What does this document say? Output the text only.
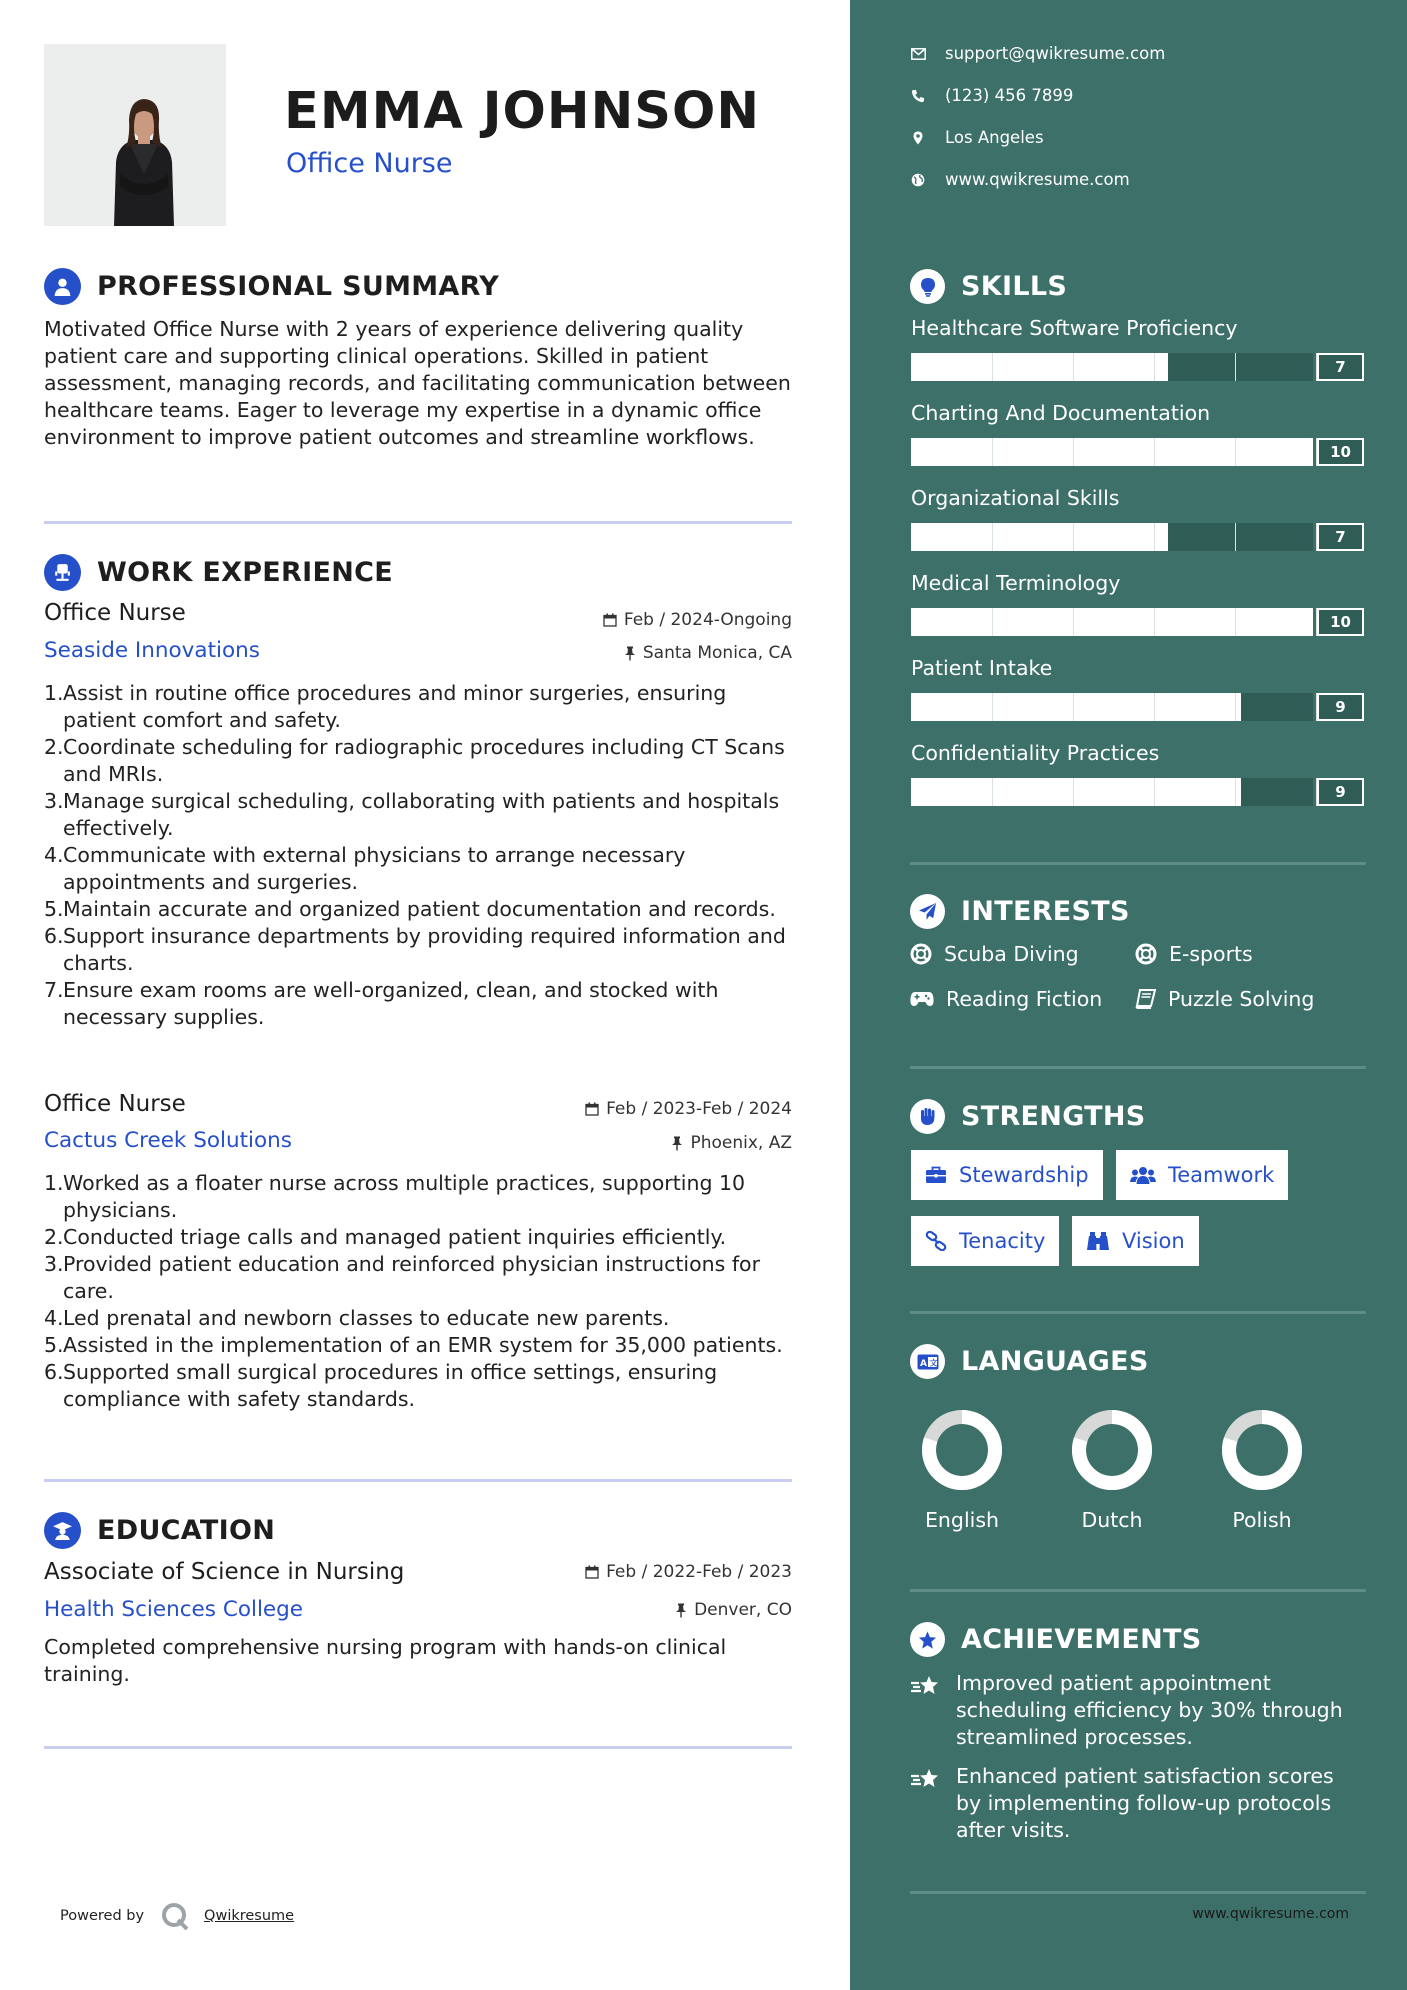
EMMA JOHNSON
Office Nurse
PROFESSIONAL SUMMARY

Motivated Office Nurse with 2 years of experience delivering quality patient care and supporting clinical operations. Skilled in patient assessment, managing records, and facilitating communication between healthcare teams. Eager to leverage my expertise in a dynamic office environment to improve patient outcomes and streamline workflows.

WORK EXPERIENCE
Office Nurse
Seaside Innovations
Feb / 2024-Ongoing
Santa Monica, CA
1. Assist in routine office procedures and minor surgeries, ensuring patient comfort and safety.
2. Coordinate scheduling for radiographic procedures including CT Scans and MRIs.
3. Manage surgical scheduling, collaborating with patients and hospitals effectively.
4. Communicate with external physicians to arrange necessary appointments and surgeries.
5. Maintain accurate and organized patient documentation and records.
6. Support insurance departments by providing required information and charts.
7. Ensure exam rooms are well-organized, clean, and stocked with necessary supplies.
Office Nurse
Cactus Creek Solutions
Feb / 2023-Feb / 2024
Phoenix, AZ
1. Worked as a floater nurse across multiple practices, supporting 10 physicians.
2. Conducted triage calls and managed patient inquiries efficiently.
3. Provided patient education and reinforced physician instructions for care.
4. Led prenatal and newborn classes to educate new parents.
5. Assisted in the implementation of an EMR system for 35,000 patients.
6. Supported small surgical procedures in office settings, ensuring compliance with safety standards.
EDUCATION
Associate of Science in Nursing
Health Sciences College
Feb / 2022-Feb / 2023
Denver, CO

Completed comprehensive nursing program with hands-on clinical training.

Powered by	Qwikresume
support@qwikresume.com
(123) 456 7899
Los Angeles
www.qwikresume.com
SKILLS
Healthcare Software Proficiency
7
Charting And Documentation
10
Organizational Skills
7
Medical Terminology
10
Patient Intake
9
Confidentiality Practices
9
INTERESTS
Scuba Diving	E-sports
Reading Fiction	Puzzle Solving
STRENGTHS
Stewardship	Teamwork
Tenacity	Vision
A 文 LANGUAGES
English	Dutch	Polish
ACHIEVEMENTS
Improved patient appointment scheduling efficiency by 30% through streamlined processes.
Enhanced patient satisfaction scores by implementing follow-up protocols after visits.
www.qwikresume.com
